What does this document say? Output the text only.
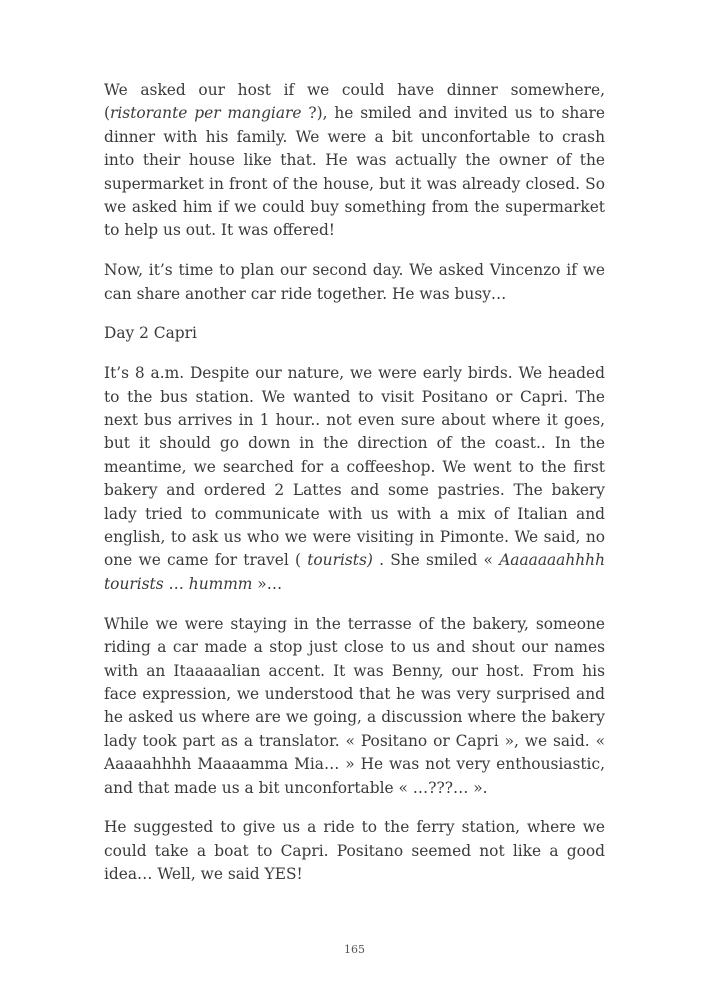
We asked our host if we could have dinner somewhere, (ristorante per mangiare ?), he smiled and invited us to share dinner with his family. We were a bit unconfortable to crash into their house like that. He was actually the owner of the supermarket in front of the house, but it was already closed. So we asked him if we could buy something from the supermarket to help us out. It was offered!

Now, it’s time to plan our second day. We asked Vincenzo if we can share another car ride together. He was busy…

Day 2 Capri

It’s 8 a.m. Despite our nature, we were early birds. We headed to the bus station. We wanted to visit Positano or Capri. The next bus arrives in 1 hour.. not even sure about where it goes, but it should go down in the direction of the coast.. In the meantime, we searched for a coffeeshop. We went to the first bakery and ordered 2 Lattes and some pastries. The bakery lady tried to communicate with us with a mix of Italian and english, to ask us who we were visiting in Pimonte. We said, no one we came for travel ( tourists) . She smiled « Aaaaaaahhhh tourists … hummm »…

While we were staying in the terrasse of the bakery, someone riding a car made a stop just close to us and shout our names with an Itaaaaalian accent. It was Benny, our host. From his face expression, we understood that he was very surprised and he asked us where are we going, a discussion where the bakery lady took part as a translator. « Positano or Capri », we said. « Aaaaahhhh Maaaamma Mia… » He was not very enthousiastic, and that made us a bit unconfortable « …???… ».

He suggested to give us a ride to the ferry station, where we could take a boat to Capri. Positano seemed not like a good idea… Well, we said YES!

165
